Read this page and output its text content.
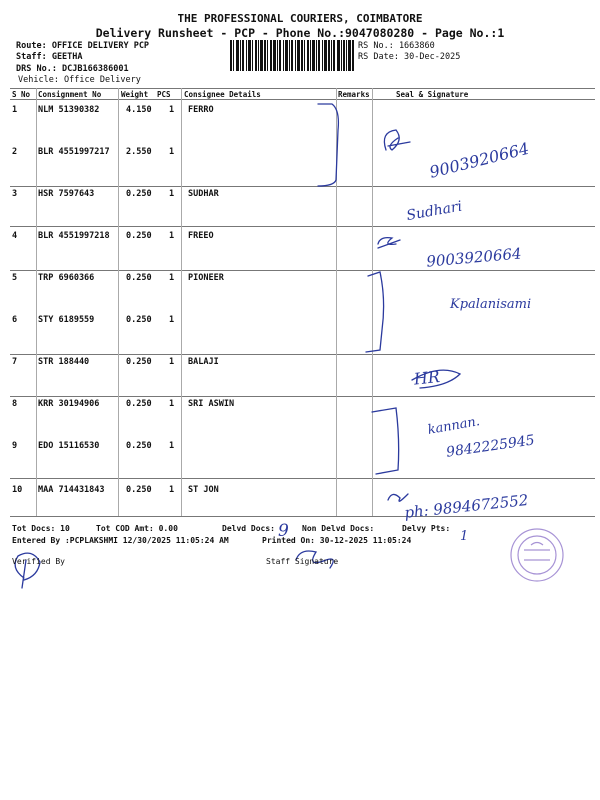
THE PROFESSIONAL COURIERS, COIMBATORE
Delivery Runsheet - PCP - Phone No.:9047080280 - Page No.:1
Route: OFFICE DELIVERY PCP
Staff: GEETHA
DRS No.: DCJB166386001
Vehicle: Office Delivery
RS No.: 1663860
RS Date: 30-Dec-2025
S No Consignment No	Weight PCS Consignee Details	Remarks	Seal & Signature
1 NLM 51390382	4.150 1 FERRO
2 BLR 4551997217 2.550 1
3 HSR 7597643	0.250 1 SUDHAR
4 BLR 4551997218 0.250 1 FREEO
5 TRP 6960366	0.250 1 PIONEER
6 STY 6189559	0.250 1
7 STR 188440	0.250 1 BALAJI
8 KRR 30194906	0.250 1 SRI ASWIN
9 EDO 15116530	0.250 1
10 MAA 714431843	0.250 1 ST JON
9003920664
Sudhari
9003920664
Kpalanisami
HR
kannan.
9842225945
ph: 9894672552
9	1
Tot Docs: 10	Tot COD Amt: 0.00	Delvd Docs:	Non Delvd Docs:	Delvy Pts:
Entered By :PCPLAKSHMI 12/30/2025 11:05:24 AM	Printed On: 30-12-2025 11:05:24
Verified By	Staff Signature
